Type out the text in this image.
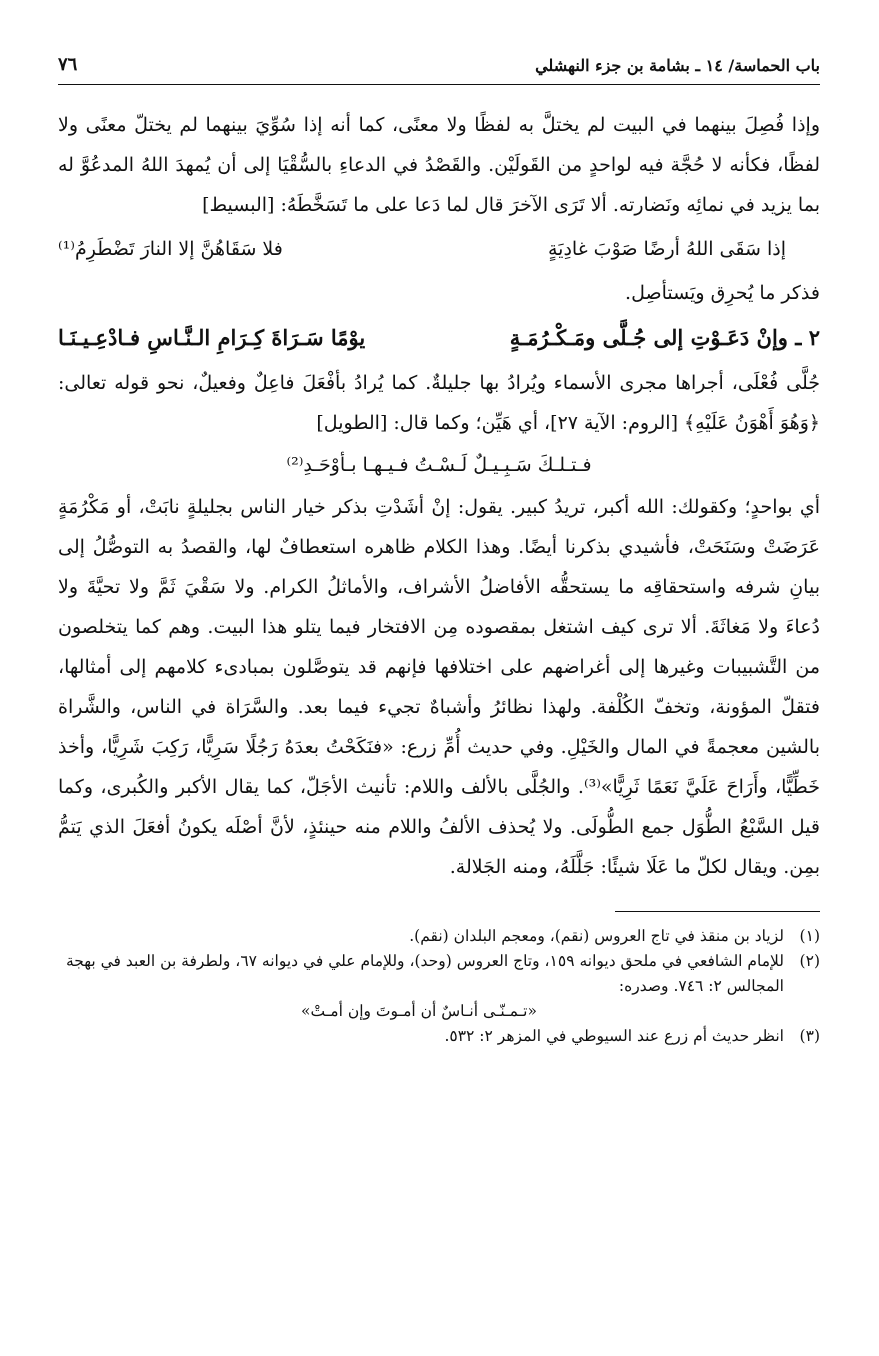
باب الحماسة/ ١٤ ـ بشامة بن جزء النهشلي
٧٦

وإذا فُصِلَ بينهما في البيت لم يختلَّ به لفظًا ولا معنًى، كما أنه إذا سُوِّيَ بينهما لم يختلّ معنًى ولا لفظًا، فكأنه لا حُجَّة فيه لواحدٍ من القَولَيْن. والقَصْدُ في الدعاءِ بالسُّقْيَا إلى أن يُمهدَ اللهُ المدعُوَّ له بما يزيد في نمائِه ونَضارته. ألا تَرَى الآخرَ قال لما دَعا على ما تَسَخَّطَهُ: [البسيط]

إذا سَقَى اللهُ أرضًا صَوْبَ غادِيَةٍ
فلا سَقَاهُنَّ إلا النارَ تَضْطَرِمُ⁽¹⁾

فذكر ما يُحرِق ويَستأصِل.

٢ ـ وإنْ دَعَـوْتِ إلى جُـلَّى ومَـكْـرُمَـةٍ
يوْمًا سَـرَاةَ كِـرَامِ الـنَّـاسِ فـادْعِـيـنَـا

جُلَّى فُعْلَى، أجراها مجرى الأسماء ويُرادُ بها جليلةٌ. كما يُرادُ بأفْعَلَ فاعِلٌ وفعيلٌ، نحو قوله تعالى: ﴿وَهُوَ أَهْوَنُ عَلَيْهِ﴾ [الروم: الآية ٢٧]، أي هَيِّن؛ وكما قال: [الطويل]

فـتـلـكَ سَـبِـيـلٌ لَـسْـتُ فـيـهـا بـأوْحَـدِ⁽²⁾

أي بواحدٍ؛ وكقولك: الله أكبر، تريدُ كبير. يقول: إنْ أشَدْتِ بذكر خيار الناس بجليلةٍ نابَتْ، أو مَكْرُمَةٍ عَرَضَتْ وسَنَحَتْ، فأشيدي بذكرنا أيضًا. وهذا الكلام ظاهره استعطافٌ لها، والقصدُ به التوصُّلُ إلى بيانِ شرفه واستحقاقِه ما يستحقُّه الأفاضلُ الأشراف، والأماثلُ الكرام. ولا سَقْيَ ثَمَّ ولا تحيَّةَ ولا دُعاءَ ولا مَغاثَةَ. ألا ترى كيف اشتغل بمقصوده مِن الافتخار فيما يتلو هذا البيت. وهم كما يتخلصون من التَّشبيبات وغيرها إلى أغراضهم على اختلافها فإنهم قد يتوصَّلون بمبادىء كلامهم إلى أمثالها، فتقلّ المؤونة، وتخفّ الكُلْفة. ولهذا نظائرُ وأشباهٌ تجيء فيما بعد. والسَّرَاة في الناس، والشَّراة بالشين معجمةً في المال والخَيْلِ. وفي حديث أُمِّ زرع: «فنَكَحْتُ بعدَهُ رَجُلًا سَرِيًّا، رَكِبَ شَرِيًّا، وأخذ خَطِّيًّا، وأَرَاحَ عَلَيَّ نَعَمًا ثَرِيًّا»⁽³⁾. والجُلَّى بالألف واللام: تأنيث الأجَلّ، كما يقال الأكبر والكُبرى، وكما قيل السَّبْعُ الطُّوَل جمع الطُّولَى. ولا يُحذف الألفُ واللام منه حينئذٍ، لأنَّ أصْلَه يكونُ أفعَلَ الذي يَتمُّ بمِن. ويقال لكلّ ما عَلَا شيئًا: جَلَّلَهُ، ومنه الجَلالة.

(١)
لزياد بن منقذ في تاج العروس (نقم)، ومعجم البلدان (نقم).
(٢)
للإمام الشافعي في ملحق ديوانه ١٥٩، وتاج العروس (وحد)، وللإمام علي في ديوانه ٦٧، ولطرفة بن العبد في بهجة المجالس ٢: ٧٤٦. وصدره:
«تـمـنّـى أنـاسٌ أن أمـوتَ وإن أمـتْ»
(٣)
انظر حديث أم زرع عند السيوطي في المزهر ٢: ٥٣٢.
